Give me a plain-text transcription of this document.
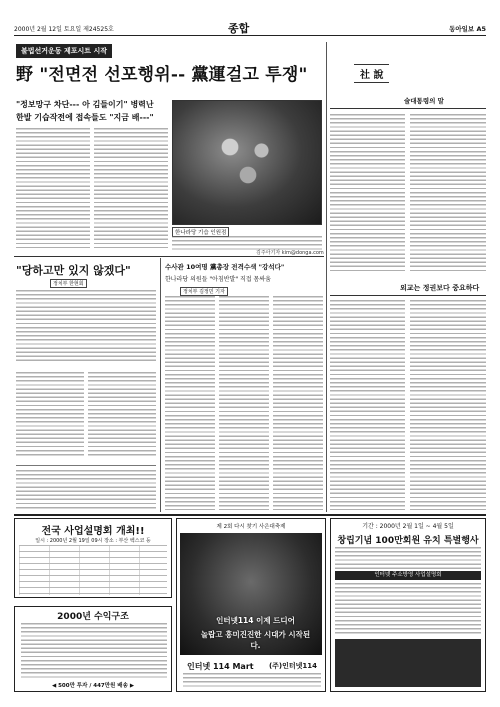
2000년 2월 12일 토요일 제24525호	종합	동아일보 A5
불법선거운동 제포시트 시작
野 "전면전 선포행위-- 黨運걸고 투쟁"
"정보망구 차단--- 아 김들이기" 병력난
한발 기습작전에 접속들도 "지금 배---"
한나라당 기습 인원점
김주아기자 kim@donga.com
社 說
술대통령의 말
외교는 정권보다 중요하다
"당하고만 있지 않겠다"
정치부 한현회
수사관 10여명 黨총장 전격수색 "강석다"
한나라당 의원들 "아침반발" 직접 몸싸움
정치부 김정민 기자
전국 사업설명회 개최!!
일시 : 2000년 2월 19일 09시 장소 : 부산 벡스코 등
2000년 수익구조
◀ 500만 투자 / 447만원 배송 ▶
제 2회 다시 찾기 사은대축제
인터넷114 이제 드디어
놀랍고 흥미진진한 시대가 시작된다.
인터넷 114 Mart (주)인터넷114
기간 : 2000년 2월 1일 ~ 4월 5일
창립기념 100만회원 유치 특별행사
인터넷 주소방영 사업설명회
